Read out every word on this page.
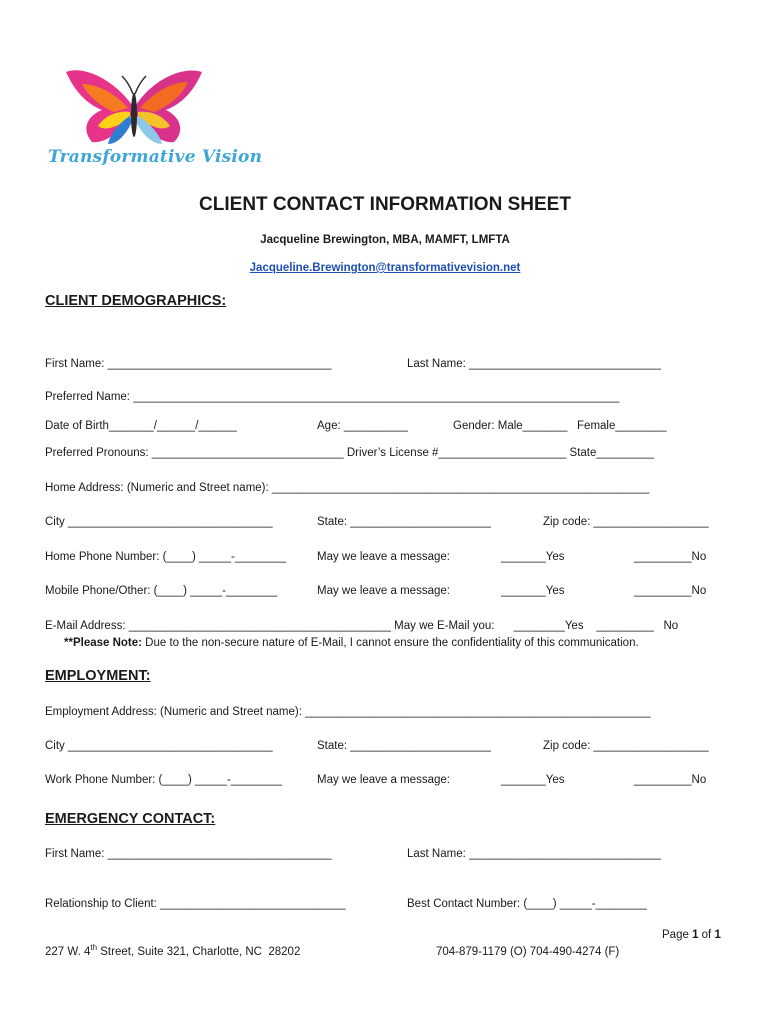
Transformative Vision
CLIENT CONTACT INFORMATION SHEET
Jacqueline Brewington, MBA, MAMFT, LMFTA
Jacqueline.Brewington@transformativevision.net
CLIENT DEMOGRAPHICS:
First Name: ___________________________________	Last Name: ______________________________
Preferred Name: ____________________________________________________________________________
Date of Birth_______/______/______	Age: __________	Gender: Male_______   Female________
Preferred Pronouns: ______________________________ Driver’s License #____________________ State_________
Home Address: (Numeric and Street name): ___________________________________________________________
City ________________________________	State: ______________________	Zip code: __________________
Home Phone Number: (____) _____-________	May we leave a message:	_______Yes	_________No
Mobile Phone/Other: (____) _____-________	May we leave a message:	_______Yes	_________No
E-Mail Address: _________________________________________ May we E-Mail you:      ________Yes    _________   No
**Please Note: Due to the non-secure nature of E-Mail, I cannot ensure the confidentiality of this communication.
EMPLOYMENT:
Employment Address: (Numeric and Street name): ______________________________________________________
City ________________________________	State: ______________________	Zip code: __________________
Work Phone Number: (____) _____-________	May we leave a message:	_______Yes	_________No
EMERGENCY CONTACT:
First Name: ___________________________________	Last Name: ______________________________
Relationship to Client: _____________________________	Best Contact Number: (____) _____-________
Page 1 of 1
227 W. 4th Street, Suite 321, Charlotte, NC  28202	704-879-1179 (O) 704-490-4274 (F)
